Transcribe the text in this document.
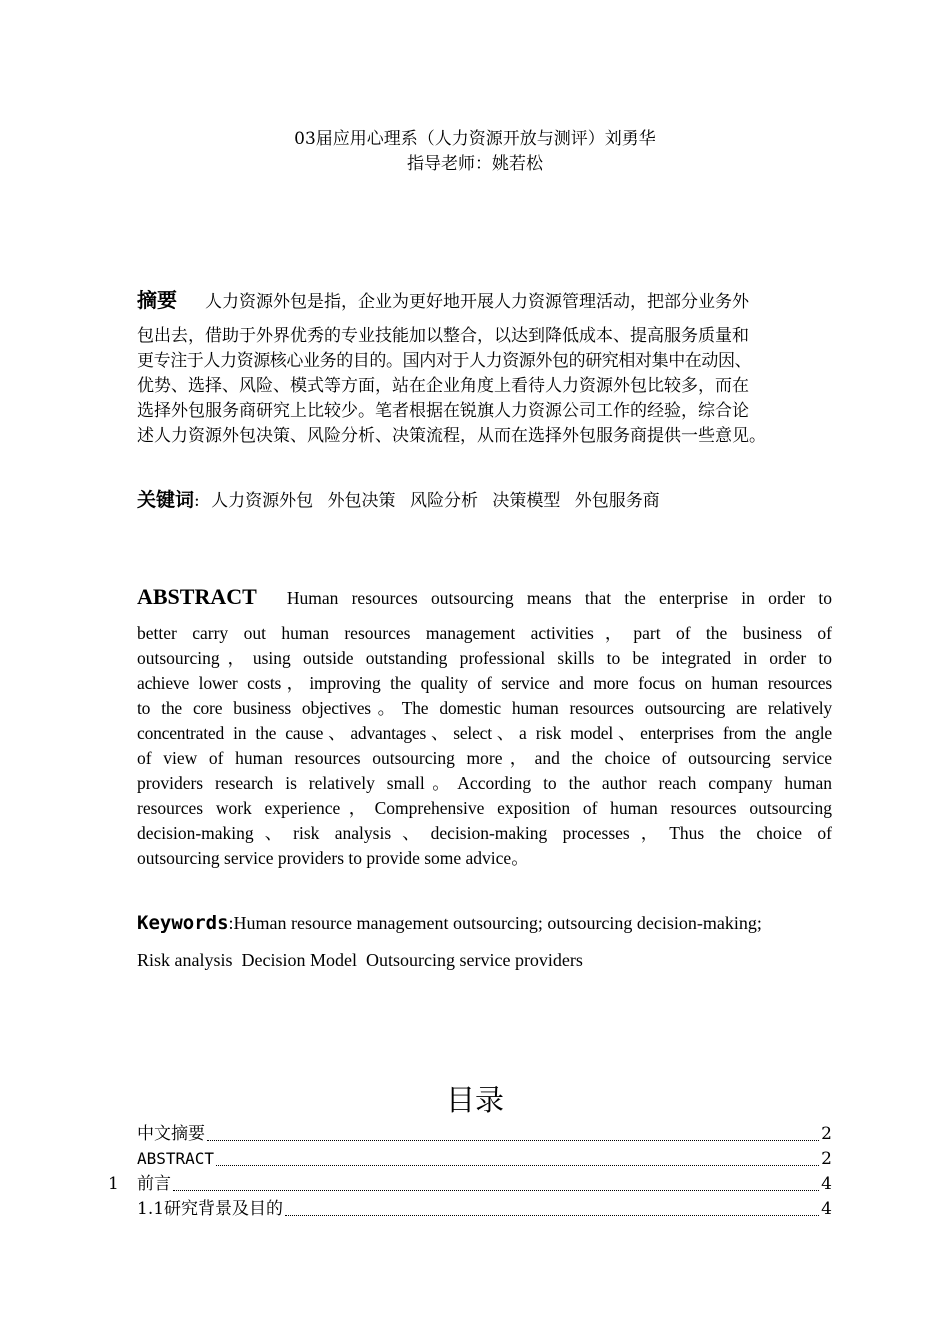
03届应用心理系（人力资源开放与测评）刘勇华
指导老师：姚若松
摘要 人力资源外包是指，企业为更好地开展人力资源管理活动，把部分业务外
包出去，借助于外界优秀的专业技能加以整合，以达到降低成本、提高服务质量和
更专注于人力资源核心业务的目的。国内对于人力资源外包的研究相对集中在动因、
优势、选择、风险、模式等方面，站在企业角度上看待人力资源外包比较多，而在
选择外包服务商研究上比较少。笔者根据在锐旗人力资源公司工作的经验，综合论
述人力资源外包决策、风险分析、决策流程，从而在选择外包服务商提供一些意见。
关键词: 人力资源外包 外包决策 风险分析 决策模型 外包服务商
ABSTRACT Human resources outsourcing means that the enterprise in order to
better carry out human resources management activities，part of the business of
outsourcing，using outside outstanding professional skills to be integrated in order to
achieve lower costs，improving the quality of service and more focus on human resources
to the core business objectives。The domestic human resources outsourcing are relatively
concentrated in the cause、advantages、select、a risk model、enterprises from the angle
of view of human resources outsourcing more，and the choice of outsourcing service
providers research is relatively small。According to the author reach company human
resources work experience，Comprehensive exposition of human resources outsourcing
decision-making、risk analysis、decision-making processes，Thus the choice of
outsourcing service providers to provide some advice。
Keywords:Human resource management outsourcing; outsourcing decision-making;
Risk analysis  Decision Model  Outsourcing service providers
目录
中文摘要	2
ABSTRACT	2
1 前言	4
1.1研究背景及目的	4
